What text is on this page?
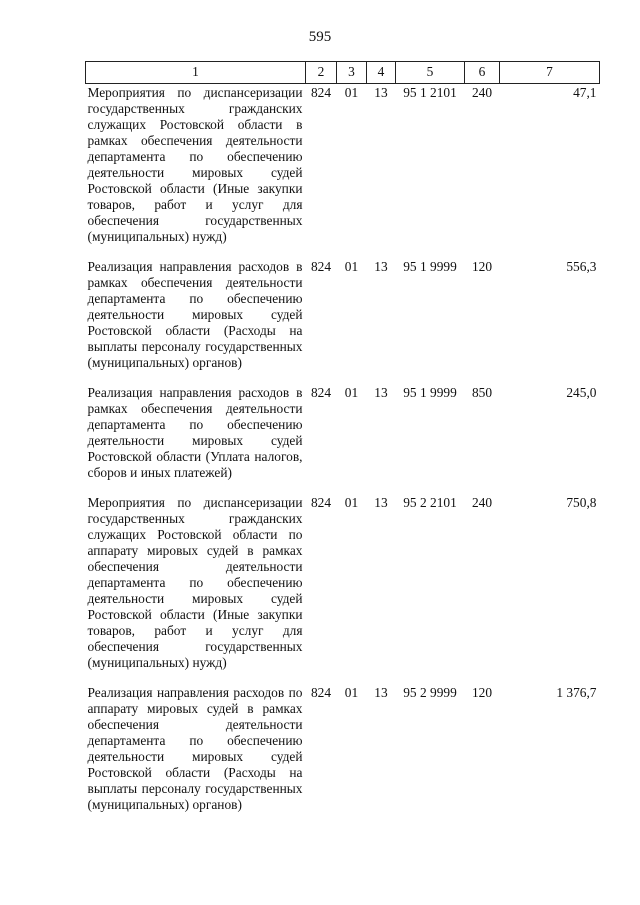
595
1	2	3	4	5	6	7
Мероприятия по диспансеризации государственных гражданских служащих Ростовской области в рамках обеспечения деятельности департамента по обеспечению деятельности мировых судей Ростовской области (Иные закупки товаров, работ и услуг для обеспечения государственных (муниципальных) нужд)	824	01	13	95 1 2101	240	47,1
Реализация направления расходов в рамках обеспечения деятельности департамента по обеспечению деятельности мировых судей Ростовской области (Расходы на выплаты персоналу государственных (муниципальных) органов)	824	01	13	95 1 9999	120	556,3
Реализация направления расходов в рамках обеспечения деятельности департамента по обеспечению деятельности мировых судей Ростовской области (Уплата налогов, сборов и иных платежей)	824	01	13	95 1 9999	850	245,0
Мероприятия по диспансеризации государственных гражданских служащих Ростовской области по аппарату мировых судей в рамках обеспечения деятельности департамента по обеспечению деятельности мировых судей Ростовской области (Иные закупки товаров, работ и услуг для обеспечения государственных (муниципальных) нужд)	824	01	13	95 2 2101	240	750,8
Реализация направления расходов по аппарату мировых судей в рамках обеспечения деятельности департамента по обеспечению деятельности мировых судей Ростовской области (Расходы на выплаты персоналу государственных (муниципальных) органов)	824	01	13	95 2 9999	120	1 376,7
